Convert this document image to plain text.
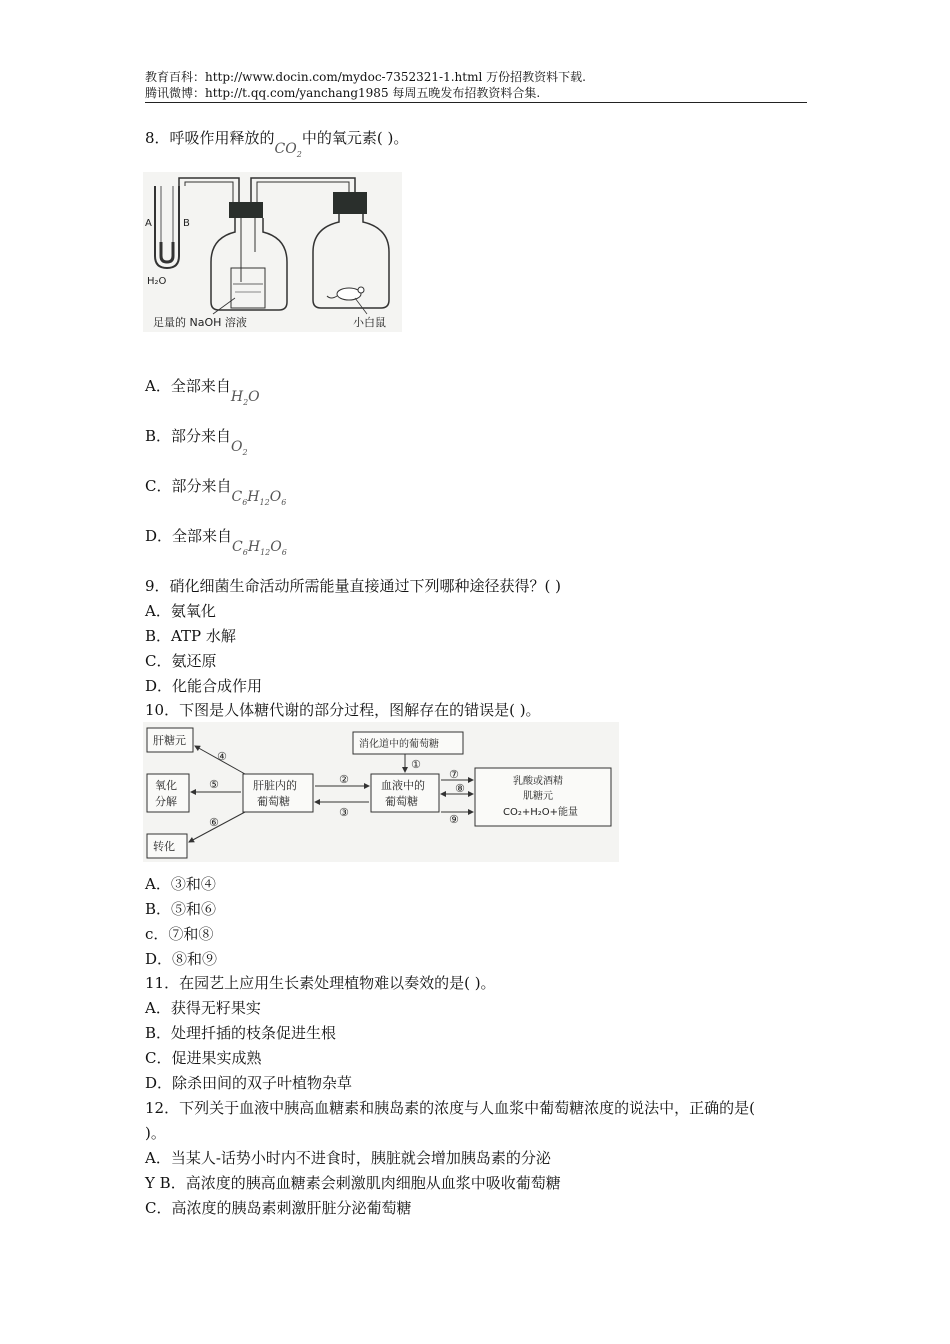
教育百科：http://www.docin.com/mydoc-7352321-1.html 万份招教资料下载.
腾讯微博：http://t.qq.com/yanchang1985 每周五晚发布招教资料合集.
8．呼吸作用释放的$CO_2$中的氧元素( )。
A	B
H₂O
足量的 NaOH 溶液	小白鼠
A．全部来自$H_2O$
B．部分来自$O_2$
C．部分来自$C_6H_{12}O_6$
D．全部来自$C_6H_{12}O_6$
9．硝化细菌生命活动所需能量直接通过下列哪种途径获得？( )
A．氨氧化
B．ATP 水解
C．氨还原
D．化能合成作用
10．下图是人体糖代谢的部分过程，图解存在的错误是( )。
肝糖元
氧化
分解
转化
肝脏内的
葡萄糖
消化道中的葡萄糖
血液中的
葡萄糖
乳酸或酒精
肌糖元
CO₂+H₂O+能量
①
②
③
④
⑤
⑥
⑦
⑧
⑨
A．③和④
B．⑤和⑥
c．⑦和⑧
D．⑧和⑨
11．在园艺上应用生长素处理植物难以奏效的是( )。
A．获得无籽果实
B．处理扦插的枝条促进生根
C．促进果实成熟
D．除杀田间的双子叶植物杂草
12．下列关于血液中胰高血糖素和胰岛素的浓度与人血浆中葡萄糖浓度的说法中，正确的是(
)。
A．当某人-话势小时内不进食时，胰脏就会增加胰岛素的分泌
Y B．高浓度的胰高血糖素会刺激肌肉细胞从血浆中吸收葡萄糖
C．高浓度的胰岛素刺激肝脏分泌葡萄糖
